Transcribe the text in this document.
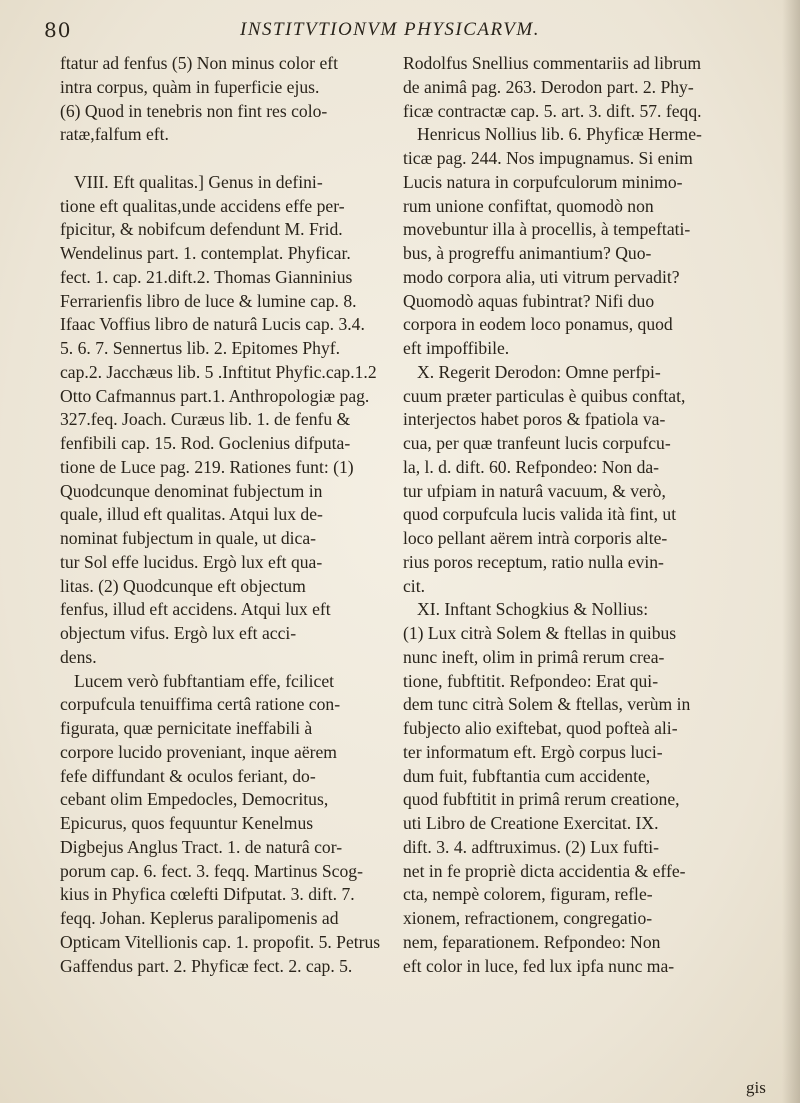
80	INSTITVTIONVM PHYSICARVM.
ftatur ad fenfus (5) Non minus color eft
intra corpus, quàm in fuperficie ejus.
(6) Quod in tenebris non fint res colo-
ratæ,falfum eft.

VIII. Eft qualitas.] Genus in defini-
tione eft qualitas,unde accidens effe per-
fpicitur, & nobifcum defendunt M. Frid.
Wendelinus part. 1. contemplat. Phyficar.
fect. 1. cap. 21.dift.2. Thomas Gianninius
Ferrarienfis libro de luce & lumine cap. 8.
Ifaac Voffius libro de naturâ Lucis cap. 3.4.
5. 6. 7. Sennertus lib. 2. Epitomes Phyf.
cap.2. Jacchæus lib. 5 .Inftitut Phyfic.cap.1.2
Otto Cafmannus part.1. Anthropologiæ pag.
327.feq. Joach. Curæus lib. 1. de fenfu &
fenfibili cap. 15. Rod. Goclenius difputa-
tione de Luce pag. 219. Rationes funt: (1)
Quodcunque denominat fubjectum in
quale, illud eft qualitas. Atqui lux de-
nominat fubjectum in quale, ut dica-
tur Sol effe lucidus. Ergò lux eft qua-
litas. (2) Quodcunque eft objectum
fenfus, illud eft accidens. Atqui lux eft
objectum vifus. Ergò lux eft acci-
dens.
Lucem verò fubftantiam effe, fcilicet
corpufcula tenuiffima certâ ratione con-
figurata, quæ pernicitate ineffabili à
corpore lucido proveniant, inque aërem
fefe diffundant & oculos feriant, do-
cebant olim Empedocles, Democritus,
Epicurus, quos fequuntur Kenelmus
Digbejus Anglus Tract. 1. de naturâ cor-
porum cap. 6. fect. 3. feqq. Martinus Scog-
kius in Phyfica cœlefti Difputat. 3. dift. 7.
feqq. Johan. Keplerus paralipomenis ad
Opticam Vitellionis cap. 1. propofit. 5. Petrus
Gaffendus part. 2. Phyficæ fect. 2. cap. 5.
Rodolfus Snellius commentariis ad librum
de animâ pag. 263. Derodon part. 2. Phy-
ficæ contractæ cap. 5. art. 3. dift. 57. feqq.
Henricus Nollius lib. 6. Phyficæ Herme-
ticæ pag. 244. Nos impugnamus. Si enim
Lucis natura in corpufculorum minimo-
rum unione confiftat, quomodò non
movebuntur illa à procellis, à tempeftati-
bus, à progreffu animantium? Quo-
modo corpora alia, uti vitrum pervadit?
Quomodò aquas fubintrat? Nifi duo
corpora in eodem loco ponamus, quod
eft impoffibile.
X. Regerit Derodon: Omne perfpi-
cuum præter particulas è quibus conftat,
interjectos habet poros & fpatiola va-
cua, per quæ tranfeunt lucis corpufcu-
la, l. d. dift. 60. Refpondeo: Non da-
tur ufpiam in naturâ vacuum, & verò,
quod corpufcula lucis valida ità fint, ut
loco pellant aërem intrà corporis alte-
rius poros receptum, ratio nulla evin-
cit.
XI. Inftant Schogkius & Nollius:
(1) Lux citrà Solem & ftellas in quibus
nunc ineft, olim in primâ rerum crea-
tione, fubftitit. Refpondeo: Erat qui-
dem tunc citrà Solem & ftellas, verùm in
fubjecto alio exiftebat, quod pofteà ali-
ter informatum eft. Ergò corpus luci-
dum fuit, fubftantia cum accidente,
quod fubftitit in primâ rerum creatione,
uti Libro de Creatione Exercitat. IX.
dift. 3. 4. adftruximus. (2) Lux fufti-
net in fe propriè dicta accidentia & effe-
cta, nempè colorem, figuram, refle-
xionem, refractionem, congregatio-
nem, feparationem. Refpondeo: Non
eft color in luce, fed lux ipfa nunc ma-
gis
